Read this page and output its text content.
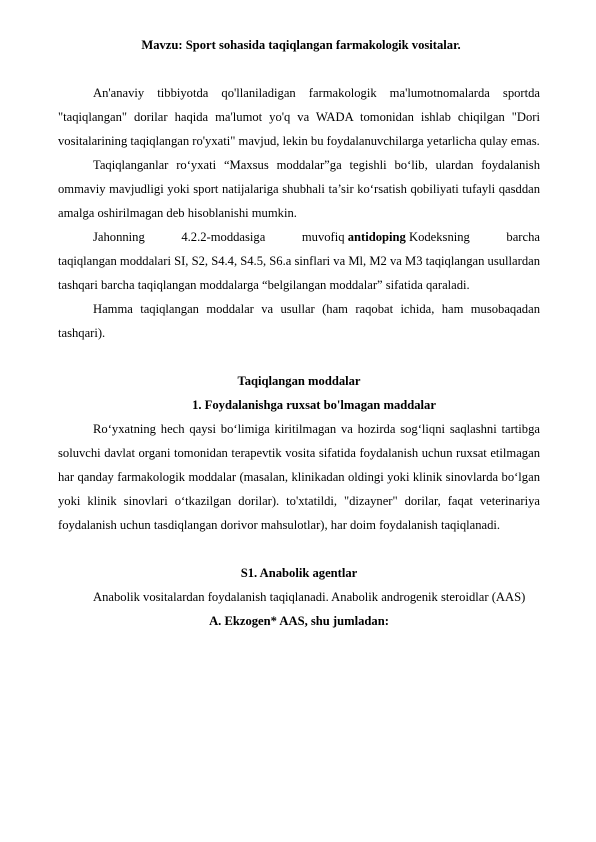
Mavzu: Sport sohasida taqiqlangan farmakologik vositalar.

An'anaviy tibbiyotda qo'llaniladigan farmakologik ma'lumotnomalarda sportda "taqiqlangan" dorilar haqida ma'lumot yo'q va WADA tomonidan ishlab chiqilgan "Dori vositalarining taqiqlangan ro'yxati" mavjud, lekin bu foydalanuvchilarga yetarlicha qulay emas.

Taqiqlanganlar ro‘yxati “Maxsus moddalar”ga tegishli bo‘lib, ulardan foydalanish ommaviy mavjudligi yoki sport natijalariga shubhali ta’sir ko‘rsatish qobiliyati tufayli qasddan amalga oshirilmagan deb hisoblanishi mumkin.

Jahonning	4.2.2-moddasiga	muvofiq antidoping Kodeksning	barcha

taqiqlangan moddalari SI, S2, S4.4, S4.5, S6.a sinflari va Ml, M2 va M3 taqiqlangan usullardan tashqari barcha taqiqlangan moddalarga “belgilangan moddalar” sifatida qaraladi.

Hamma taqiqlangan moddalar va usullar (ham raqobat ichida, ham musobaqadan tashqari).

Taqiqlangan moddalar

1. Foydalanishga ruxsat bo'lmagan maddalar

Ro‘yxatning hech qaysi bo‘limiga kiritilmagan va hozirda sog‘liqni saqlashni tartibga soluvchi davlat organi tomonidan terapevtik vosita sifatida foydalanish uchun ruxsat etilmagan har qanday farmakologik moddalar (masalan, klinikadan oldingi yoki klinik sinovlarda bo‘lgan yoki klinik sinovlari o‘tkazilgan dorilar). to'xtatildi, "dizayner" dorilar, faqat veterinariya foydalanish uchun tasdiqlangan dorivor mahsulotlar), har doim foydalanish taqiqlanadi.

S1. Anabolik agentlar

Anabolik vositalardan foydalanish taqiqlanadi. Anabolik androgenik steroidlar (AAS)

A. Ekzogen* AAS, shu jumladan:
